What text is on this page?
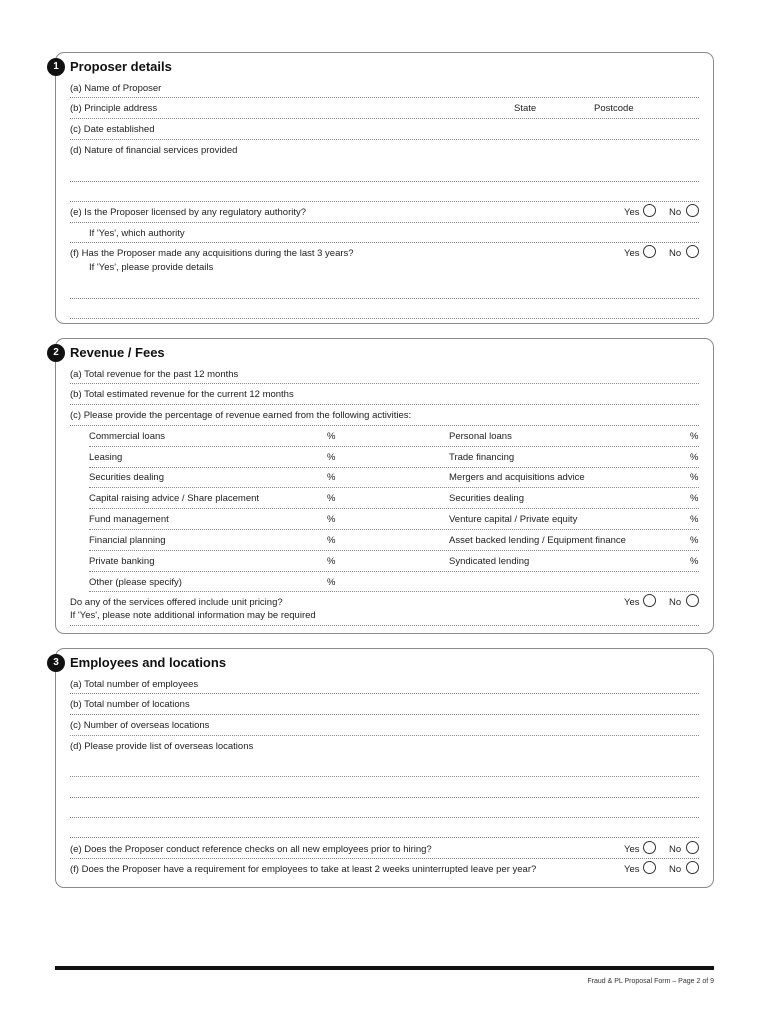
1 Proposer details
(a) Name of Proposer
(b) Principle address	State	Postcode
(c) Date established
(d) Nature of financial services provided
(e) Is the Proposer licensed by any regulatory authority?	Yes	No
If 'Yes', which authority
(f) Has the Proposer made any acquisitions during the last 3 years?	Yes	No
If 'Yes', please provide details
2 Revenue / Fees
(a) Total revenue for the past 12 months
(b) Total estimated revenue for the current 12 months
(c) Please provide the percentage of revenue earned from the following activities:
Commercial loans	%	Personal loans	%
Leasing	%	Trade financing	%
Securities dealing	%	Mergers and acquisitions advice	%
Capital raising advice / Share placement	%	Securities dealing	%
Fund management	%	Venture capital / Private equity	%
Financial planning	%	Asset backed lending / Equipment finance	%
Private banking	%	Syndicated lending	%
Other (please specify)	%
Do any of the services offered include unit pricing?	Yes	No
If 'Yes', please note additional information may be required
3 Employees and locations
(a) Total number of employees
(b) Total number of locations
(c) Number of overseas locations
(d) Please provide list of overseas locations
(e) Does the Proposer conduct reference checks on all new employees prior to hiring?	Yes	No
(f) Does the Proposer have a requirement for employees to take at least 2 weeks uninterrupted leave per year?	Yes	No
Fraud & PL Proposal Form – Page 2 of 9
